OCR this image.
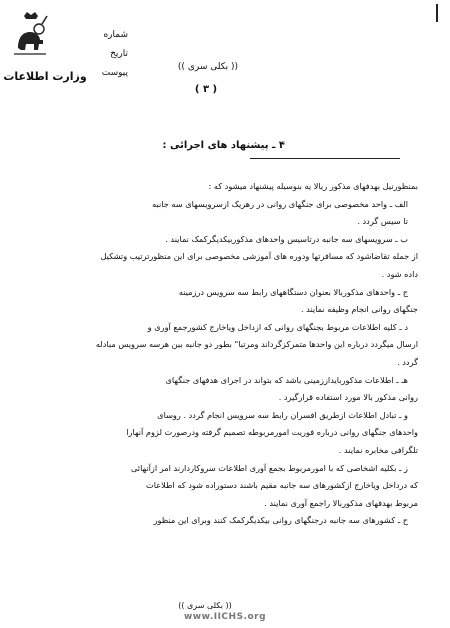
شماره
تاریخ
پیوست
وزارت اطلاعات
(( بکلی سری ))
( ۳ )
۴ ـ پیشنهاد های اجرائی :
بمنظورنیل بهدفهای مذکور ریالا یه بنوسیله پیشنهاد میشود که :
الف ـ واحد مخصوصی برای جنگهای روانی در رهریک ازسرویسهای سه جانبه
تا سیس گردد .
ب ـ سرویسهای سه جانبه درتاسیس واحدهای مذکوربیکدیگرکمک نمایند .
از جمله تقاضاشود که مسافرتها ودوره های آموزشی مخصوصی برای این منظورترتیب وتشکیل
داده شود .
ج ـ واحدهای مذکوربالا بعنوان دستگاههای رابط سه سرویس درزمینه
جنگهای روانی انجام وظیفه نمایند .
د ـ کلیه اطلاعات مربوط بجنگهای روانی که ازداخل ویاخارج کشورجمع آوری و
ارسال میگردد درباره این واحدها متمرکزگرداند ومرتبا" بطور دو جانبه بین هرسه سرویس مبادله
گردد .
هـ ـ اطلاعات مذکوربایداززمینی باشد که بتواند در اجرای هدفهای جنگهای
روانی مذکور بالا مورد استفاده قرارگیرد .
و ـ تبادل اطلاعات ازطریق افسران رابط سه سرویس انجام گردد . روسای
واحدهای جنگهای روانی درباره فوریت امورمربوطه تصمیم گرفته ودرصورت لزوم آنهارا
تلگرافی مخابره نمایند .
ز ـ بکلیه اشخاصی که با امورمربوط بجمع آوری اطلاعات سروکاردارند امر ازآنهائی
که درداخل ویاخارج ازکشورهای سه جانبه مقیم باشند دستوراده شود که اطلاعات
مربوط بهدفهای مذکوربالا راجمع آوری نمایند .
ح ـ کشورهای سه جانبه درجنگهای روانی بیکدیگرکمک کنند وبرای این منظور
(( بکلی سری ))
www.IICHS.org
